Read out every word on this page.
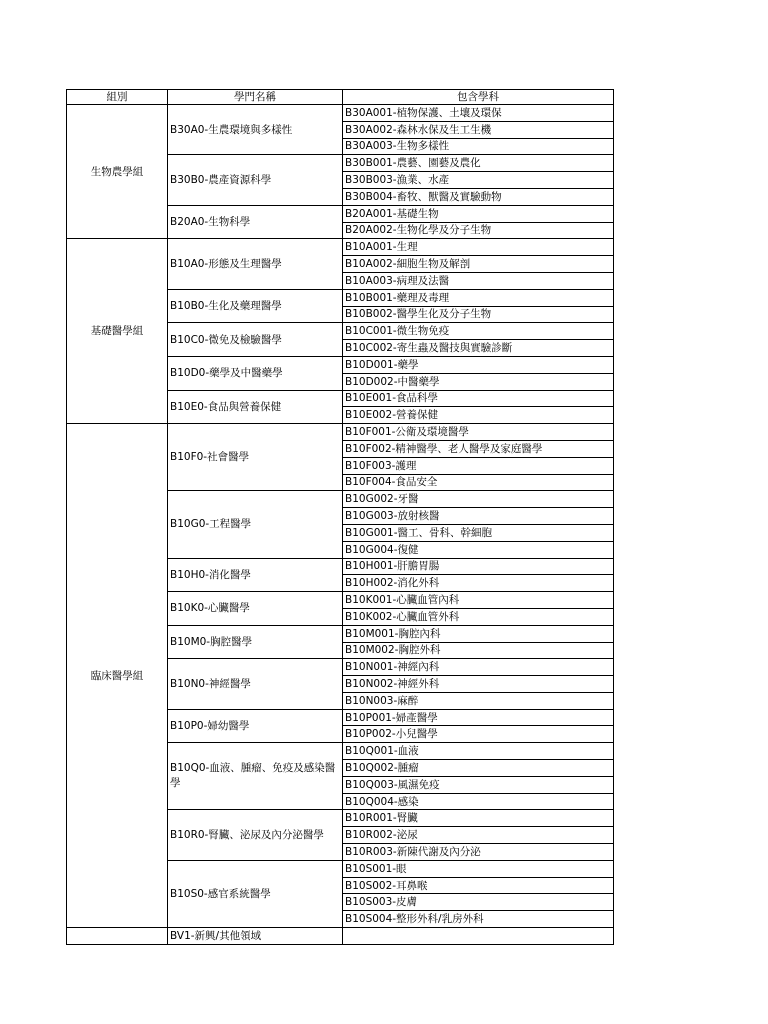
組別	學門名稱	包含學科
生物農學組	B30A0-生農環境與多樣性	B30A001-植物保護、土壤及環保
		B30A002-森林水保及生工生機
		B30A003-生物多樣性
	B30B0-農產資源科學	B30B001-農藝、園藝及農化
		B30B003-漁業、水產
		B30B004-畜牧、獸醫及實驗動物
	B20A0-生物科學	B20A001-基礎生物
		B20A002-生物化學及分子生物
基礎醫學組	B10A0-形態及生理醫學	B10A001-生理
		B10A002-細胞生物及解剖
		B10A003-病理及法醫
	B10B0-生化及藥理醫學	B10B001-藥理及毒理
		B10B002-醫學生化及分子生物
	B10C0-微免及檢驗醫學	B10C001-微生物免疫
		B10C002-寄生蟲及醫技與實驗診斷
	B10D0-藥學及中醫藥學	B10D001-藥學
		B10D002-中醫藥學
	B10E0-食品與營養保健	B10E001-食品科學
		B10E002-營養保健
臨床醫學組	B10F0-社會醫學	B10F001-公衛及環境醫學
		B10F002-精神醫學、老人醫學及家庭醫學
		B10F003-護理
		B10F004-食品安全
	B10G0-工程醫學	B10G002-牙醫
		B10G003-放射核醫
		B10G001-醫工、骨科、幹細胞
		B10G004-復健
	B10H0-消化醫學	B10H001-肝膽胃腸
		B10H002-消化外科
	B10K0-心臟醫學	B10K001-心臟血管內科
		B10K002-心臟血管外科
	B10M0-胸腔醫學	B10M001-胸腔內科
		B10M002-胸腔外科
	B10N0-神經醫學	B10N001-神經內科
		B10N002-神經外科
		B10N003-麻醉
	B10P0-婦幼醫學	B10P001-婦產醫學
		B10P002-小兒醫學
	B10Q0-血液、腫瘤、免疫及感染醫學	B10Q001-血液
		B10Q002-腫瘤
		B10Q003-風濕免疫
		B10Q004-感染
	B10R0-腎臟、泌尿及內分泌醫學	B10R001-腎臟
		B10R002-泌尿
		B10R003-新陳代謝及內分泌
	B10S0-感官系統醫學	B10S001-眼
		B10S002-耳鼻喉
		B10S003-皮膚
		B10S004-整形外科/乳房外科
	BV1-新興/其他領域	
